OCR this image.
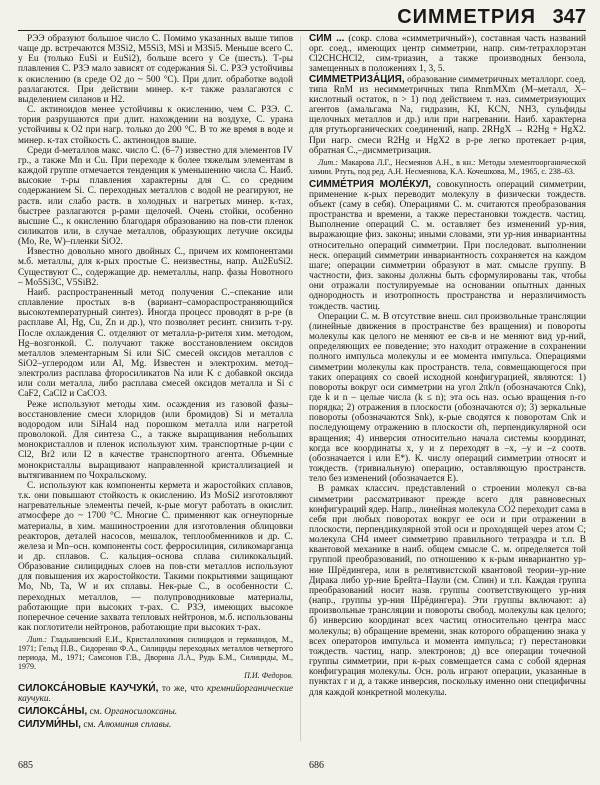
СИММЕТРИЯ 347

РЭЭ образуют большое число С. Помимо указанных выше типов чаще др. встречаются M3Si2, M5Si3, MSi и M3Si5. Меньше всего С. у Eu (только EuSi и EuSi2), больше всего у Се (шесть). Т-ры плавления С. РЗЭ мало зависят от содержания Si. С. РЗЭ устойчивы к окислению (в среде О2 до ~ 500 °C). При длит. обработке водой разлагаются. При действии минер. к-т также разлагаются с выделением силанов и Н2.

С. актиноидов менее устойчивы к окислению, чем С. РЗЭ. С. тория разрушаются при длит. нахождении на воздухе, С. урана устойчивы к О2 при нагр. только до 200 °C. В то же время в воде и минер. к-тах стойкость С. актиноидов выше.

Среди d-металлов макс. число С. (6–7) известно для элементов IV гр., а также Mn и Cu. При переходе к более тяжелым элементам в каждой группе отмечается тенденция к уменьшению числа С. Наиб. высокие т-ры плавления характерны для С. со средним содержанием Si. С. переходных металлов с водой не реагируют, не раств. или слабо раств. в холодных и нагретых минер. к-тах, быстрее разлагаются р-рами щелочей. Очень стойки, особенно высшие С., к окислению благодаря образованию на пов-сти пленок силикатов или, в случае металлов, образующих летучие оксиды (Mo, Re, W)–пленки SiO2.

Известно довольно много двойных С., причем их компонентами м.б. металлы, для к-рых простые С. неизвестны, напр. Au2EuSi2. Существуют С., содержащие др. неметаллы, напр. фазы Новотного – Mo5Si3C, V5SiB2.

Наиб. распространенный метод получения С.–спекание или сплавление простых в-в (вариант–самораспространяющийся высокотемпературный синтез). Иногда процесс проводят в р-ре (в расплаве Al, Hg, Cu, Zn и др.), что позволяет ресинт. снизить т-ру. После охлаждения С. отделяют от металла-р-рителя хим. методом, Hg–возгонкой. С. получают также восстановлением оксидов металлов элементарным Si или SiC смесей оксидов металлов с SiO2–углеродом или Al, Mg. Известен и электрохим. метод–электролиз расплава фторосиликатов Na или K с добавкой оксида или соли металла, либо расплава смесей оксидов металла и Si с CaF2, CaCl2 и CaCO3.

Реже используют методы хим. осаждения из газовой фазы–восстановление смеси хлоридов (или бромидов) Si и металла водородом или SiHal4 над порошком металла или нагретой проволокой. Для синтеза С., а также выращивания небольших монокристаллов и пленок используют хим. транспортные р-ции с Cl2, Br2 или I2 в качестве транспортного агента. Объемные монокристаллы выращивают направленной кристаллизацией и вытягиванием по Чохральскому.

С. используют как компоненты кермета и жаростойких сплавов, т.к. они повышают стойкость к окислению. Из MoSi2 изготовляют нагревательные элементы печей, к-рые могут работать в окислит. атмосфере до ~ 1700 °C. Многие С. применяют как огнеупорные материалы, в хим. машиностроении для изготовления облицовки реакторов, деталей насосов, мешалок, теплообменников и др. С. железа и Mn–осн. компоненты сост. ферросилиция, силикомарганца и др. сплавов. С. кальция–основа сплава силикокальций. Образование силицидных слоев на пов-сти металлов используют для повышения их жаростойкости. Такими покрытиями защищают Mo, Nb, Ta, W и их сплавы. Нек-рые С., в особенности С. переходных металлов, — полупроводниковые материалы, работающие при высоких т-рах. С. РЗЭ, имеющих высокое поперечное сечение захвата тепловых нейтронов, м.б. использованы как поглотители нейтронов, работающие при высоких т-рах.

Лит.: Гладышевский Е.И., Кристаллохимия силицидов и германидов, М., 1971; Гельд П.В., Сидоренко Ф.А., Силициды переходных металлов четвертого периода, М., 1971; Самсонов Г.В., Дворина Л.А., Рудь Б.М., Силициды, М., 1979.
П.И. Федоров.

СИЛОКСА́НОВЫЕ КАУЧУКИ́, то же, что кремнийорганические каучуки.

СИЛОКСА́НЫ, см. Органосилоксаны.

СИЛУМИ́НЫ, см. Алюминия сплавы.

СИМ ... (сокр. слова «симметричный»), составная часть названий орг. соед., имеющих центр симметрии, напр. сим-тетрахлорэтан Cl2CHCHCl2, сим-триазин, а также производных бензола, замещенных в положениях 1, 3, 5.

СИММЕТРИЗА́ЦИЯ, образование симметричных металлорг. соед. типа RnM из несимметричных типа RnmMXm (М–металл, Х–кислотный остаток, n > 1) под действием т. наз. симметризующих агентов (амальгама Na, гидразин, KI, KCN, NH3, сульфиды щелочных металлов и др.) или при нагревании. Наиб. характерна для ртутьорганических соединений, напр. 2RHgX → R2Hg + HgX2. При нагр. смеси R2Hg и HgX2 в р-ре легко протекает р-ция, обратная С.,–дисмметризация.

Лит.: Макарова Л.Г., Несмеянов А.Н., в кн.: Методы элементоорганической химии. Ртуть, под ред. А.Н. Несмеянова, К.А. Кочешкова, М., 1965, с. 238–63.

СИММЕ́ТРИЯ МОЛЕ́КУЛ, совокупность операций симметрии, применение к-рых переводит молекулу в физически тождеств. объект (саму в себя). Операциями С. м. считаются преобразования пространства и времени, а также перестановки тождеств. частиц. Выполнение операций С. м. оставляет без изменений ур-ния, выражающие физ. законы; иными словами, эти ур-ния инвариантны относительно операций симметрии. При последоват. выполнении неск. операций симметрии инвариантность сохраняется на каждом шаге; операции симметрии образуют в мат. смысле группу. В частности, физ. законы должны быть сформулированы так, чтобы они отражали постулируемые на основании опытных данных однородность и изотропность пространства и неразличимость тождеств. частиц.

Операции С. м. В отсутствие внеш. сил произвольные трансляции (линейные движения в пространстве без вращения) и повороты молекулы как целого не меняют ее св-в и не меняют вид ур-ний, определяющих ее поведение; это находит отражение в сохранении полного импульса молекулы и ее момента импульса. Операциями симметрии молекулы как пространств. тела, совмещающегося при таких операциях со своей исходной конфигурацией, являются: 1) повороты вокруг оси симметрии на угол 2πk/n (обозначаются Cnk), где k и n – целые числа (k ≤ n); эта ось наз. осью вращения n-го порядка; 2) отражения в плоскости (обозначаются σ); 3) зеркальные повороты (обозначаются Snk), к-рые сводятся к поворотам Cnk и последующему отражению в плоскости σh, перпендикулярной оси вращения; 4) инверсия относительно начала системы координат, когда все координаты x, y и z переходят в –x, –y и –z соотв. (обозначается i или E*). К. числу операций симметрии относят и тождеств. (тривиальную) операцию, оставляющую пространств. тело без изменений (обозначается E).

В рамках классич. представлений о строении молекул св-ва симметрии рассматривают прежде всего для равновесных конфигураций ядер. Напр., линейная молекула CO2 переходит сама в себя при любых поворотах вокруг ее оси и при отражении в плоскости, перпендикулярной этой оси и проходящей через атом С; молекула CH4 имеет симметрию правильного тетраэдра и т.п. В квантовой механике в наиб. общем смысле С. м. определяется той группой преобразований, по отношению к к-рым инвариантно ур-ние Шрёдингера, или в релятивистской квантовой теории–ур-ние Дирака либо ур-ние Брейта–Паули (см. Спин) и т.п. Каждая группа преобразований носит назв. группы соответствующего ур-ния (напр., группы ур-ния Шрёдингера). Эти группы включают: а) произвольные трансляции и повороты свобод. молекулы как целого; б) инверсию координат всех частиц относительно центра масс молекулы; в) обращение времени, знак которого обращению знака у всех операторов импульса и момента импульса; г) перестановки тождеств. частиц, напр. электронов; д) все операции точечной группы симметрии, при к-рых совмещается сама с собой ядерная конфигурация молекулы. Осн. роль играют операции, указанные в пунктах г и д, а также инверсия, поскольку именно они специфичны для каждой конкретной молекулы.

685	686
